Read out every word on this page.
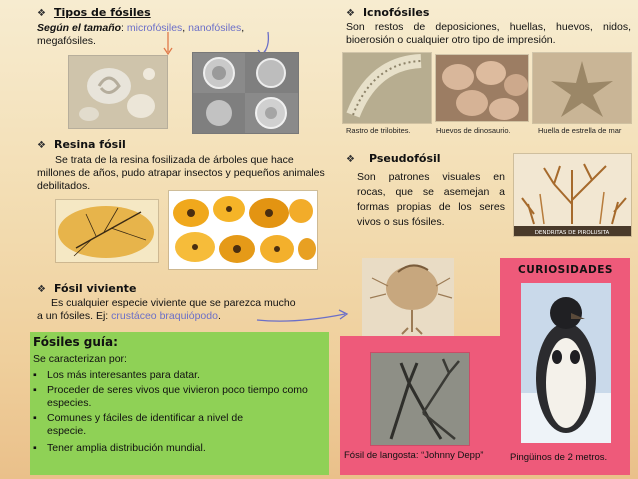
❖ Tipos de fósiles
Según el tamaño: microfósiles, nanofósiles,
megafósiles.
❖ Icnofósiles
Son restos de deposiciones, huellas, huevos, nidos, bioerosión o cualquier otro tipo de impresión.
Rastro de trilobites.	Huevos de dinosaurio.	Huella de estrella de mar
❖ Resina fósil
Se trata de la resina fosilizada de árboles que hace millones de años, pudo atrapar insectos y pequeños animales debilitados.
❖ Pseudofósil
Son patrones visuales en rocas, que se asemejan a formas propias de los seres vivos o sus fósiles.
DENDRITAS DE PIROLUSITA
❖ Fósil viviente
Es cualquier especie viviente que se parezca mucho
a un fósiles. Ej: crustáceo braquiópodo.
Fósiles guía:
Se caracterizan por:
▪ Los más interesantes para datar.
▪ Proceder de seres vivos que vivieron poco tiempo como especies.
▪ Comunes y fáciles de identificar a nivel de especie.
▪ Tener amplia distribución mundial.
CURIOSIDADES
Fósil de langosta: “Johnny Depp”	Pingüinos de 2 metros.
